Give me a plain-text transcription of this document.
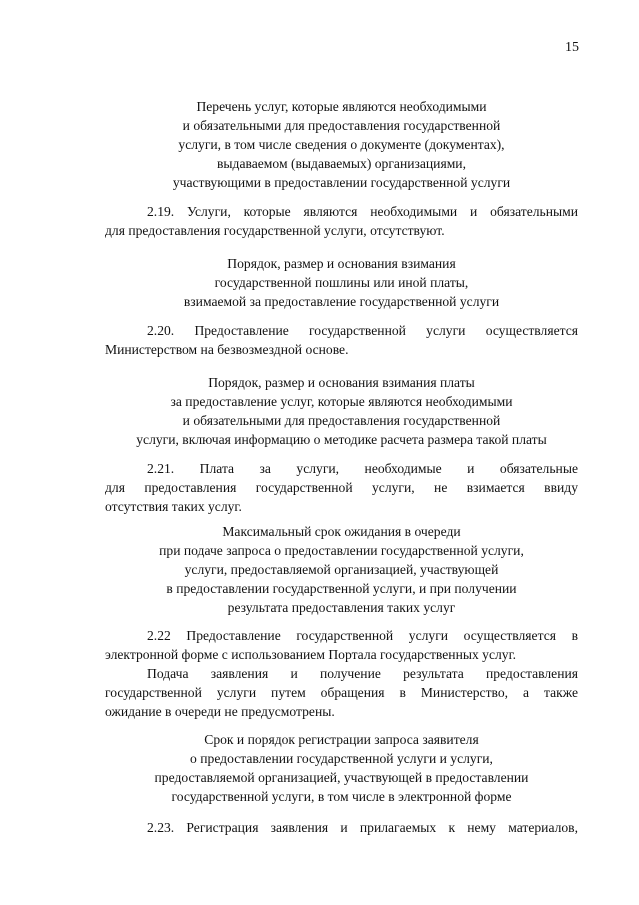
15
Перечень услуг, которые являются необходимыми
и обязательными для предоставления государственной
услуги, в том числе сведения о документе (документах),
выдаваемом (выдаваемых) организациями,
участвующими в предоставлении государственной услуги
2.19. Услуги, которые являются необходимыми и обязательными
для предоставления государственной услуги, отсутствуют.
Порядок, размер и основания взимания
государственной пошлины или иной платы,
взимаемой за предоставление государственной услуги
2.20. Предоставление государственной услуги осуществляется
Министерством на безвозмездной основе.
Порядок, размер и основания взимания платы
за предоставление услуг, которые являются необходимыми
и обязательными для предоставления государственной
услуги, включая информацию о методике расчета размера такой платы
2.21. Плата за услуги, необходимые и обязательные
для предоставления государственной услуги, не взимается ввиду
отсутствия таких услуг.
Максимальный срок ожидания в очереди
при подаче запроса о предоставлении государственной услуги,
услуги, предоставляемой организацией, участвующей
в предоставлении государственной услуги, и при получении
результата предоставления таких услуг
2.22 Предоставление государственной услуги осуществляется в
электронной форме с использованием Портала государственных услуг.
Подача заявления и получение результата предоставления
государственной услуги путем обращения в Министерство, а также
ожидание в очереди не предусмотрены.
Срок и порядок регистрации запроса заявителя
о предоставлении государственной услуги и услуги,
предоставляемой организацией, участвующей в предоставлении
государственной услуги, в том числе в электронной форме
2.23. Регистрация заявления и прилагаемых к нему материалов,
